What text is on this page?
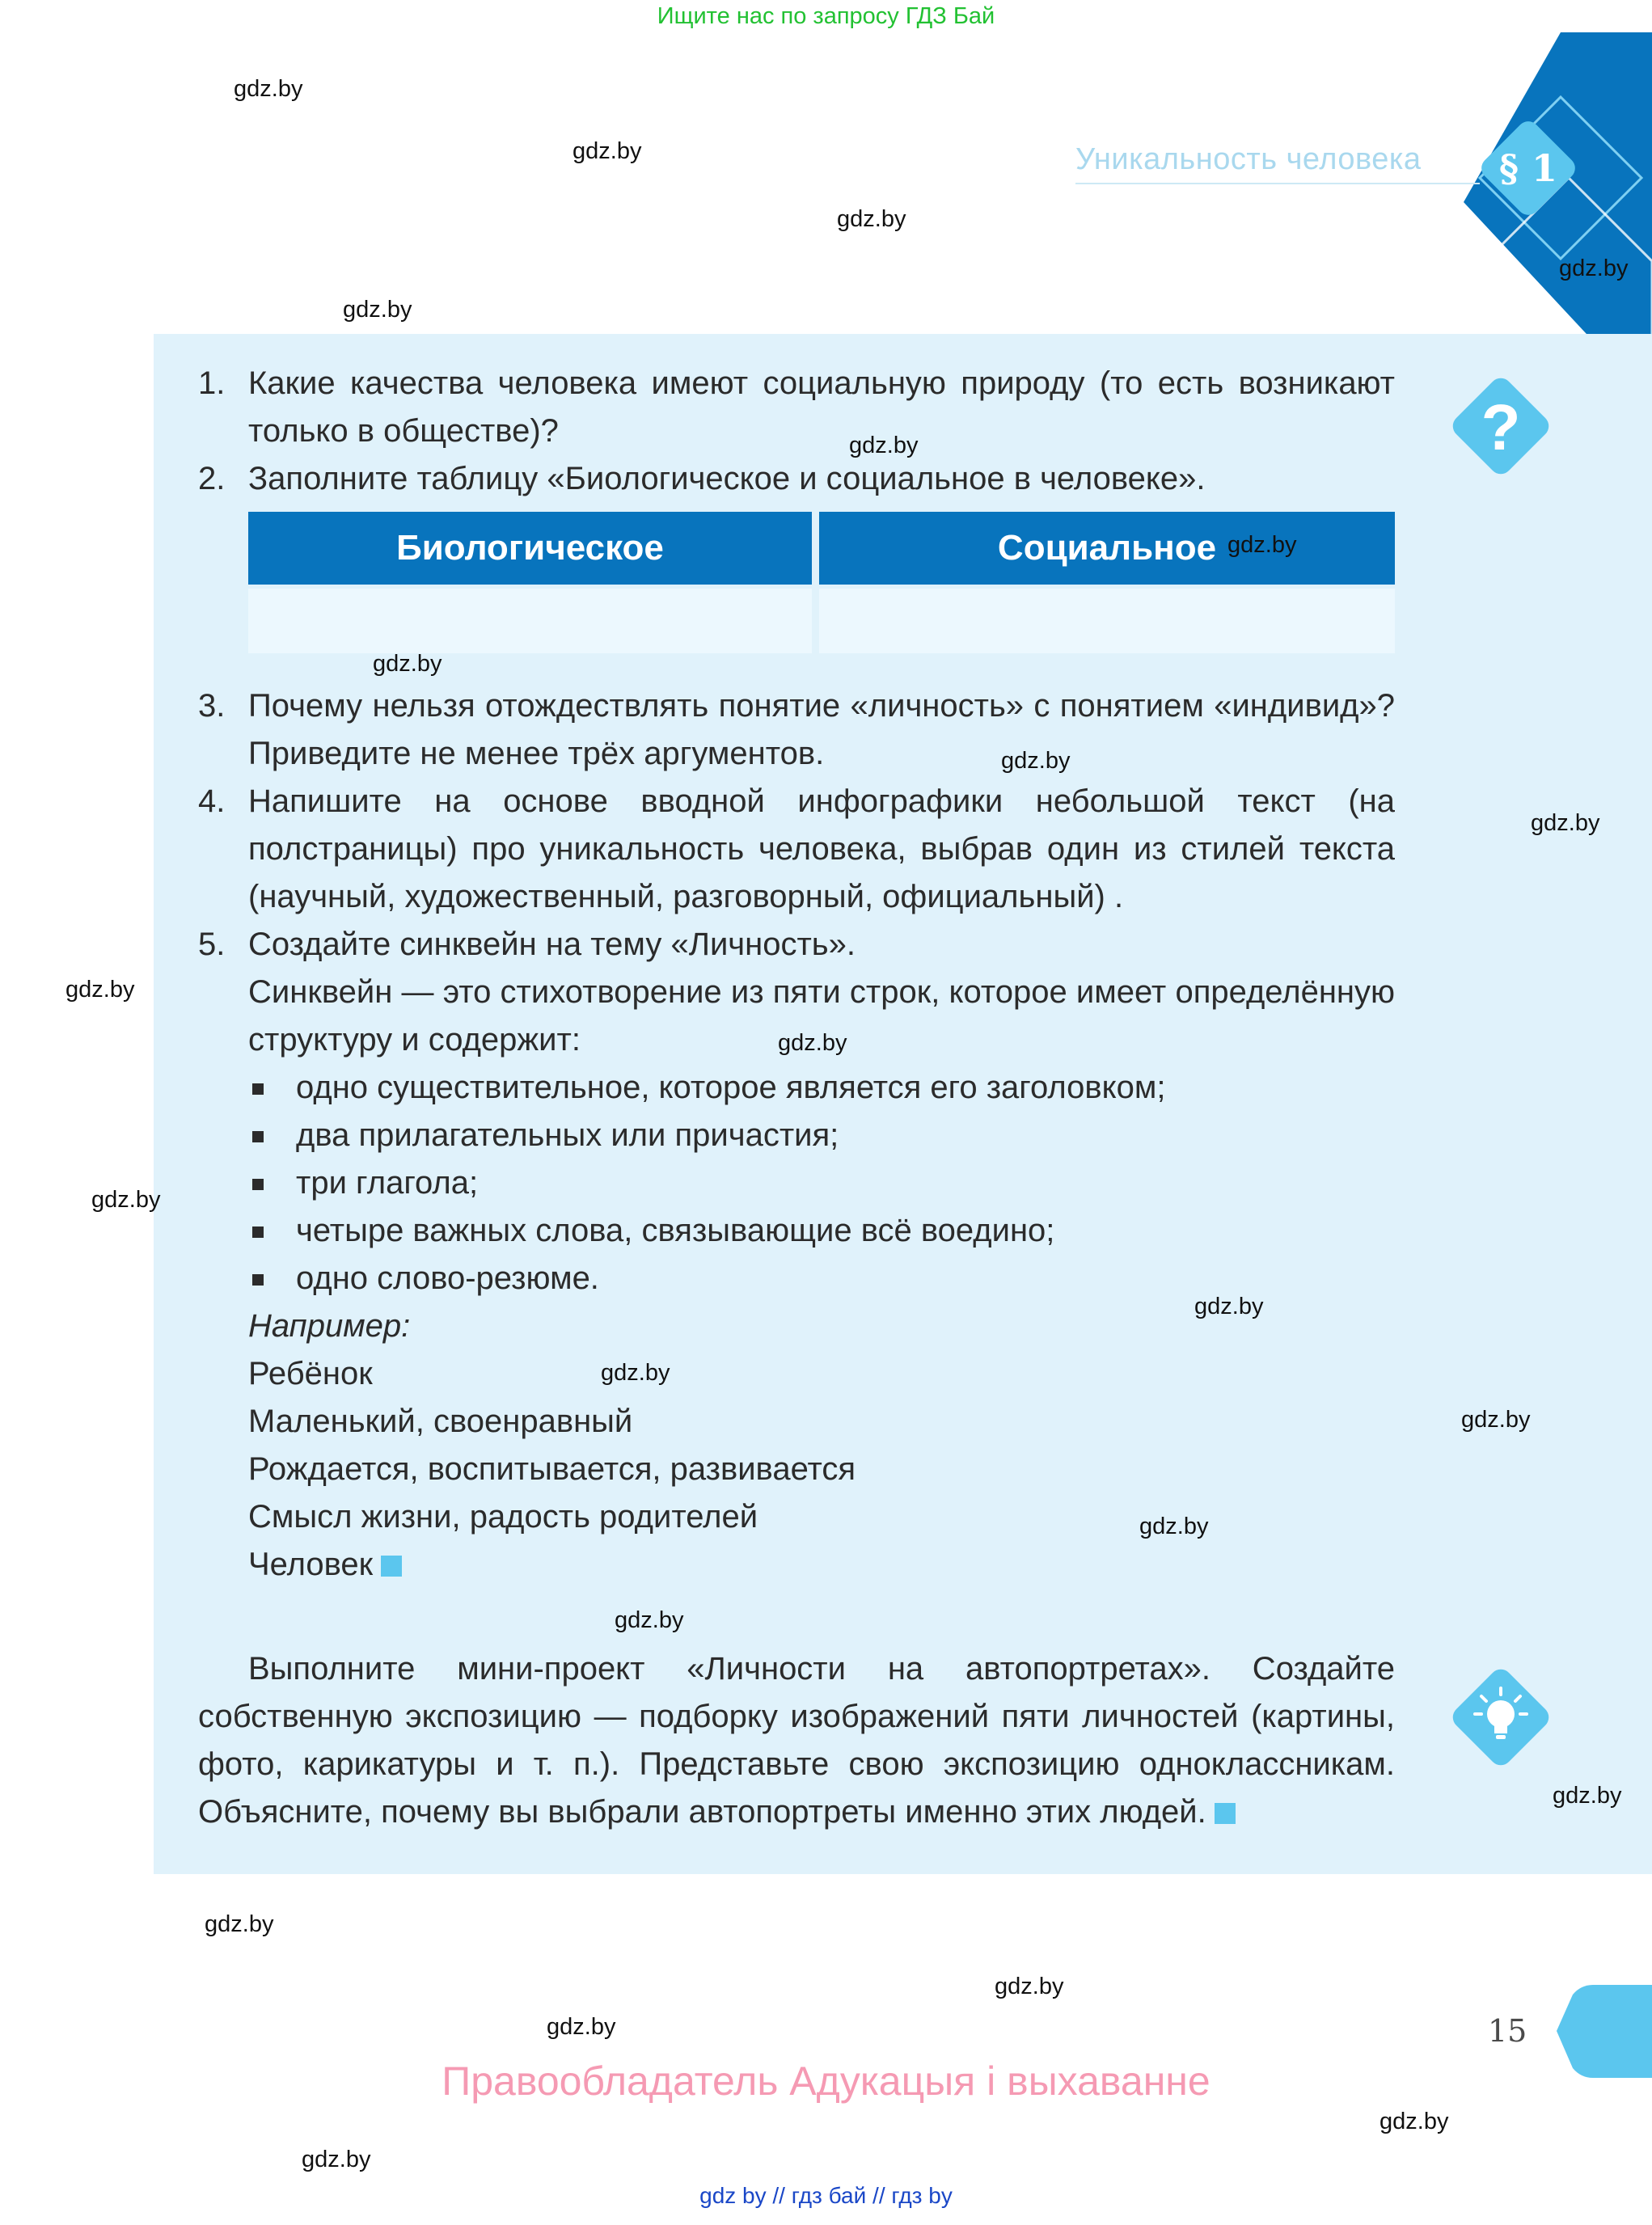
Ищите нас по запросу ГДЗ Бай
Уникальность человека	§ 1
?
1. Какие качества человека имеют социальную природу (то есть возникают только в обществе)?
2. Заполните таблицу «Биологическое и социальное в человеке».
3. Почему нельзя отождествлять понятие «личность» с понятием «индивид»? Приведите не менее трёх аргументов.
4. Напишите на основе вводной инфографики небольшой текст (на полстраницы) про уникальность человека, выбрав один из стилей текста (научный, художественный, разговорный, официальный) .
5. Создайте синквейн на тему «Личность».

Синквейн — это стихотворение из пяти строк, которое имеет определённую структуру и содержит:

одно существительное, которое является его заголовком;
два прилагательных или причастия;
три глагола;
четыре важных слова, связывающие всё воедино;
одно слово-резюме.
Например:
Ребёнок
Маленький, своенравный
Рождается, воспитывается, развивается
Смысл жизни, радость родителей
Человек
Биологическое	Социальное
Выполните мини-проект «Личности на автопортретах». Создайте собственную экспозицию — подборку изображений пяти личностей (картины, фото, карикатуры и т. п.). Представьте свою экспозицию одноклассникам. Объясните, почему вы выбрали автопортреты именно этих людей.
15
Правообладатель Адукацыя і выхаванне
gdz by // гдз бай // гдз by
gdz.by
gdz.by
gdz.by
gdz.by
gdz.by
gdz.by
gdz.by
gdz.by
gdz.by
gdz.by
gdz.by
gdz.by
gdz.by
gdz.by
gdz.by
gdz.by
gdz.by
gdz.by
gdz.by
gdz.by
gdz.by
gdz.by
gdz.by
gdz.by
